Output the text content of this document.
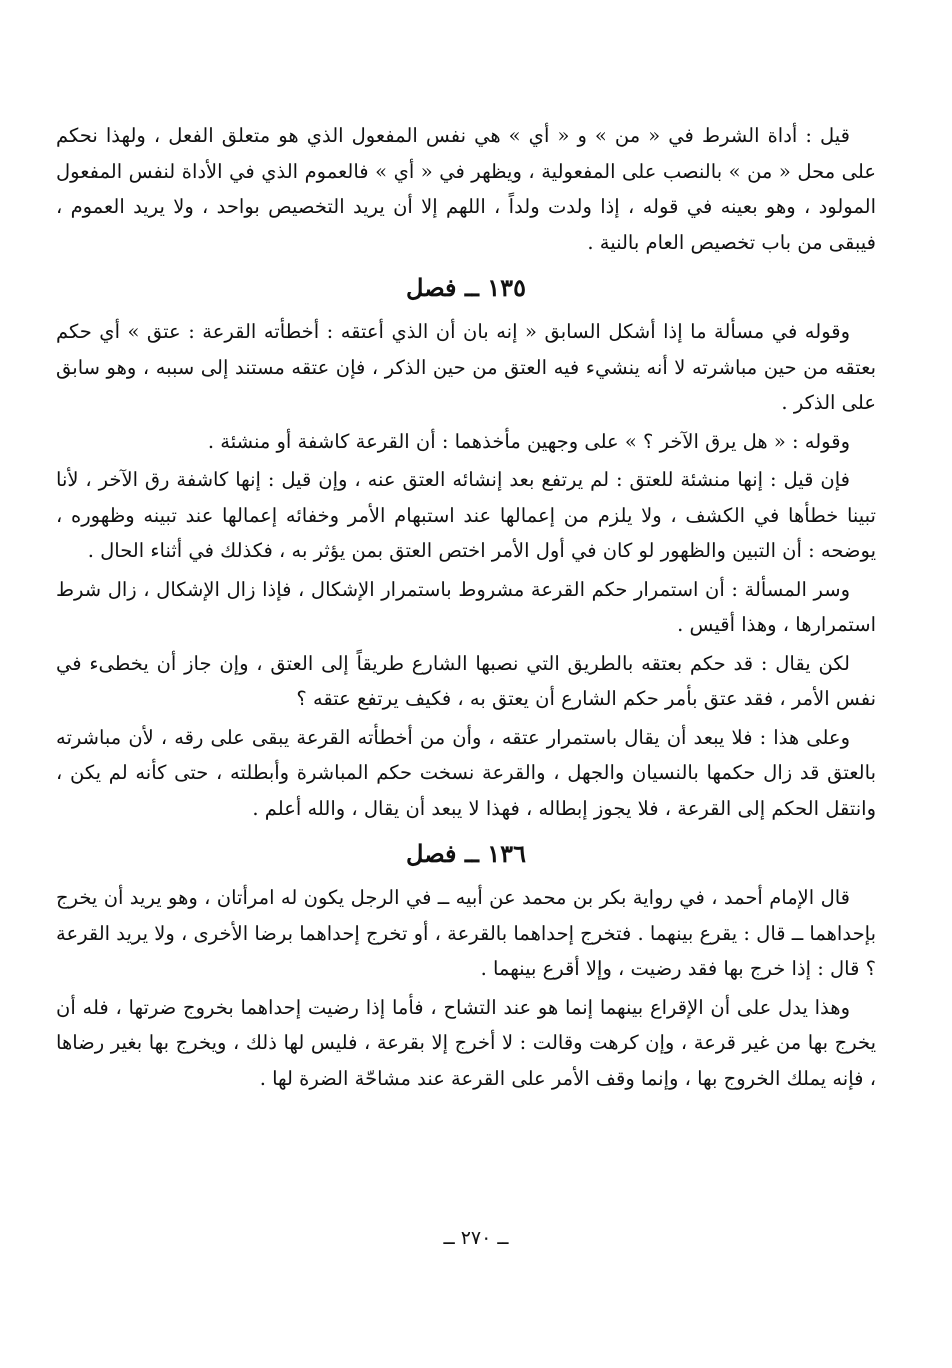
قيل : أداة الشرط في « من » و « أي » هي نفس المفعول الذي هو متعلق الفعل ، ولهذا نحكم على محل « من » بالنصب على المفعولية ، ويظهر في « أي » فالعموم الذي في الأداة لنفس المفعول المولود ، وهو بعينه في قوله ، إذا ولدت ولداً ، اللهم إلا أن يريد التخصيص بواحد ، ولا يريد العموم ، فيبقى من باب تخصيص العام بالنية .

١٣٥ ــ فصل

وقوله في مسألة ما إذا أشكل السابق « إنه بان أن الذي أعتقه : أخطأته القرعة : عتق » أي حكم بعتقه من حين مباشرته لا أنه ينشيء فيه العتق من حين الذكر ، فإن عتقه مستند إلى سببه ، وهو سابق على الذكر .

وقوله : « هل يرق الآخر ؟ » على وجهين مأخذهما : أن القرعة كاشفة أو منشئة .

فإن قيل : إنها منشئة للعتق : لم يرتفع بعد إنشائه العتق عنه ، وإن قيل : إنها كاشفة رق الآخر ، لأنا تبينا خطأها في الكشف ، ولا يلزم من إعمالها عند استبهام الأمر وخفائه إعمالها عند تبينه وظهوره ، يوضحه : أن التبين والظهور لو كان في أول الأمر اختص العتق بمن يؤثر به ، فكذلك في أثناء الحال .

وسر المسألة : أن استمرار حكم القرعة مشروط باستمرار الإشكال ، فإذا زال الإشكال ، زال شرط استمرارها ، وهذا أقيس .

لكن يقال : قد حكم بعتقه بالطريق التي نصبها الشارع طريقاً إلى العتق ، وإن جاز أن يخطىء في نفس الأمر ، فقد عتق بأمر حكم الشارع أن يعتق به ، فكيف يرتفع عتقه ؟

وعلى هذا : فلا يبعد أن يقال باستمرار عتقه ، وأن من أخطأته القرعة يبقى على رقه ، لأن مباشرته بالعتق قد زال حكمها بالنسيان والجهل ، والقرعة نسخت حكم المباشرة وأبطلته ، حتى كأنه لم يكن ، وانتقل الحكم إلى القرعة ، فلا يجوز إبطاله ، فهذا لا يبعد أن يقال ، والله أعلم .

١٣٦ ــ فصل

قال الإمام أحمد ، في رواية بكر بن محمد عن أبيه ــ في الرجل يكون له امرأتان ، وهو يريد أن يخرج بإحداهما ــ قال : يقرع بينهما . فتخرج إحداهما بالقرعة ، أو تخرج إحداهما برضا الأخرى ، ولا يريد القرعة ؟ قال : إذا خرج بها فقد رضيت ، وإلا أقرع بينهما .

وهذا يدل على أن الإقراع بينهما إنما هو عند التشاح ، فأما إذا رضيت إحداهما بخروج ضرتها ، فله أن يخرج بها من غير قرعة ، وإن كرهت وقالت : لا أخرج إلا بقرعة ، فليس لها ذلك ، ويخرج بها بغير رضاها ، فإنه يملك الخروج بها ، وإنما وقف الأمر على القرعة عند مشاحّة الضرة لها .

ــ ٢٧٠ ــ
